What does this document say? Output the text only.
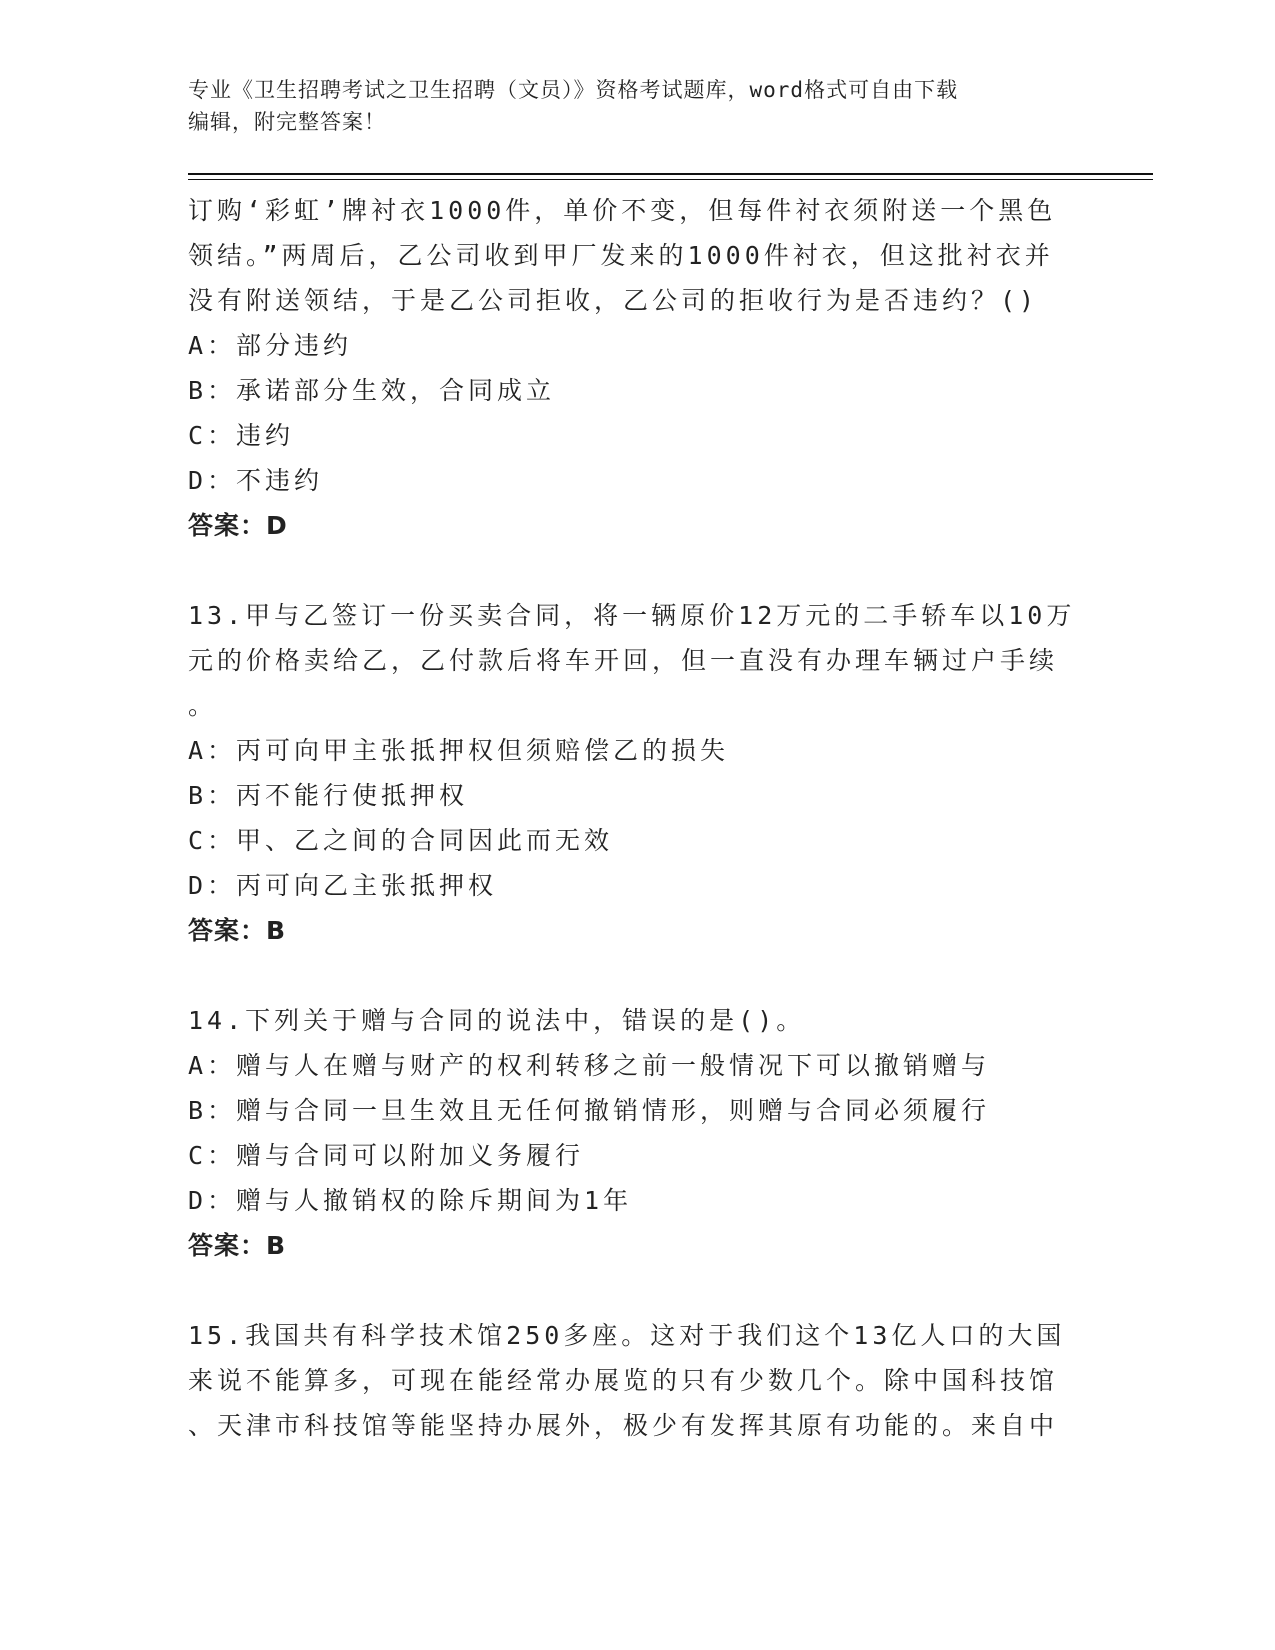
专业《卫生招聘考试之卫生招聘（文员）》资格考试题库，word格式可自由下载
编辑，附完整答案！
订购‘彩虹’牌衬衣1000件，单价不变，但每件衬衣须附送一个黑色
领结。”两周后，乙公司收到甲厂发来的1000件衬衣，但这批衬衣并
没有附送领结，于是乙公司拒收，乙公司的拒收行为是否违约？()
A：部分违约
B：承诺部分生效，合同成立
C：违约
D：不违约
答案：D
13.甲与乙签订一份买卖合同，将一辆原价12万元的二手轿车以10万
元的价格卖给乙，乙付款后将车开回，但一直没有办理车辆过户手续
。
A：丙可向甲主张抵押权但须赔偿乙的损失
B：丙不能行使抵押权
C：甲、乙之间的合同因此而无效
D：丙可向乙主张抵押权
答案：B
14.下列关于赠与合同的说法中，错误的是()。
A：赠与人在赠与财产的权利转移之前一般情况下可以撤销赠与
B：赠与合同一旦生效且无任何撤销情形，则赠与合同必须履行
C：赠与合同可以附加义务履行
D：赠与人撤销权的除斥期间为1年
答案：B
15.我国共有科学技术馆250多座。这对于我们这个13亿人口的大国
来说不能算多，可现在能经常办展览的只有少数几个。除中国科技馆
、天津市科技馆等能坚持办展外，极少有发挥其原有功能的。来自中
